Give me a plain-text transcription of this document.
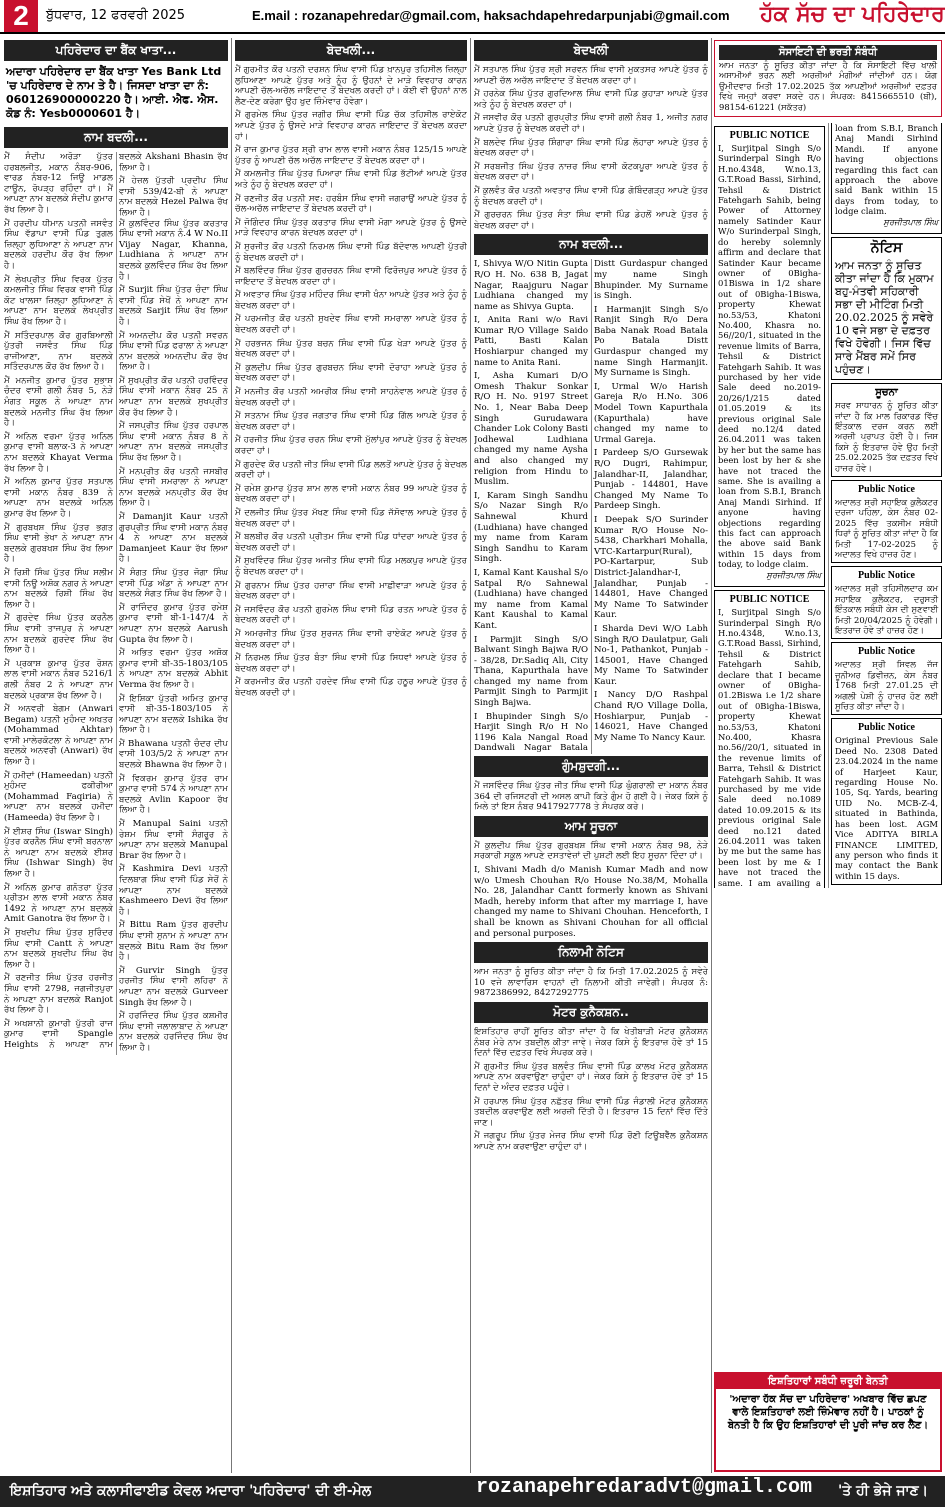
2	ਬੁੱਧਵਾਰ, 12 ਫਰਵਰੀ 2025	E.mail : rozanapehredar@gmail.com, haksachdapehredarpunjabi@gmail.com ਹੱਕ ਸੱਚ ਦਾ ਪਹਿਰੇਦਾਰ
ਪਹਿਰੇਦਾਰ ਦਾ ਬੈਂਕ ਖਾਤਾ...
ਅਦਾਰਾ ਪਹਿਰੇਦਾਰ ਦਾ ਬੈਂਕ ਖਾਤਾ Yes Bank Ltd 'ਚ ਪਹਿਰੇਦਾਰ ਦੇ ਨਾਮ ਤੇ ਹੈ। ਜਿਸਦਾ ਖਾਤਾ ਦਾ ਨੰ: 060126900000220 ਹੈ। ਆਈ. ਐਫ. ਐਸ. ਕੋਡ ਨੰ: Yesb0000601 ਹੈ।
ਨਾਮ ਬਦਲੀ...
ਮੈਂ ਸੰਦੀਪ ਅਰੋੜਾ ਪੁੱਤਰ ਹਰਬਲਜੀਤ, ਮਕਾਨ ਨੰਬਰ-906, ਵਾਰਡ ਨੰਬਰ-12 ਜਿਊ ਮਾਡਲ ਟਾਊਨ, ਰੋਪੜ੍ਹ ਰਹਿੰਦਾ ਹਾਂ। ਮੈਂ ਆਪਣਾ ਨਾਮ ਬਦਲਕੇ ਸੰਦੀਪ ਕੁਮਾਰ ਰੱਖ ਲਿਆ ਹੈ।
ਮੈਂ ਹਰਦੀਪ ਧੀਮਾਨ ਪਤਨੀ ਜਸਵੰਤ ਸਿੰਘ ਵੱਡਾਪਾ ਵਾਸੀ ਪਿੰਡ ਤੁਗਲ ਜ਼ਿਲ੍ਹਾ ਲੁਧਿਆਣਾ ਨੇ ਆਪਣਾ ਨਾਮ ਬਦਲਕੇ ਹਰਦੀਪ ਕੌਰ ਰੱਖ ਲਿਆ ਹੈ।
ਮੈਂ ਲੇਖਪ੍ਰੀਤ ਸਿੰਘ ਵਿਰਕ ਪੁੱਤਰ ਕਮਲਜੀਤ ਸਿੰਘ ਵਿਰਕ ਵਾਸੀ ਪਿੰਡ ਕੋਟ ਖਾਲਸਾ ਜ਼ਿਲ੍ਹਾ ਲੁਧਿਆਣਾ ਨੇ ਆਪਣਾ ਨਾਮ ਬਦਲਕੇ ਲੇਖਪ੍ਰੀਤ ਸਿੰਘ ਰੱਖ ਲਿਆ ਹੈ।
ਮੈਂ ਸਤਿੰਦਰਪਾਲ ਕੌਰ ਗੁਰਬਿਆਲੀ ਪੁੱਤਰੀ ਜਸਵੰਤ ਸਿੰਘ ਪਿੰਡ ਰਾਜੀਆਣਾ, ਨਾਮ ਬਦਲਕੇ ਸਤਿੰਦਰਪਾਲ ਕੌਰ ਰੱਖ ਲਿਆ ਹੈ।
ਮੈਂ ਮਨਜੀਤ ਕੁਮਾਰ ਪੁੱਤਰ ਸੁਭਾਸ਼ ਚੰਦਰ ਵਾਸੀ ਗਲੀ ਨੰਬਰ 5, ਨੇੜੇ ਮੰਗਤ ਸਕੂਲ ਨੇ ਆਪਣਾ ਨਾਮ ਬਦਲਕੇ ਮਨਜੀਤ ਸਿੰਘ ਰੱਖ ਲਿਆ ਹੈ।
ਮੈਂ ਅਨਿਲ ਵਰਮਾ ਪੁੱਤਰ ਅਨਿਲ ਕੁਮਾਰ ਵਾਸੀ ਬਲਾਕ-3 ਨੇ ਆਪਣਾ ਨਾਮ ਬਦਲਕੇ Khayat Verma ਰੱਖ ਲਿਆ ਹੈ।
ਮੈਂ ਅਨਿਲ ਕੁਮਾਰ ਪੁੱਤਰ ਸਤਪਾਲ ਵਾਸੀ ਮਕਾਨ ਨੰਬਰ 839 ਨੇ ਆਪਣਾ ਨਾਮ ਬਦਲਕੇ ਅਨਿਲ ਕੁਮਾਰ ਰੱਖ ਲਿਆ ਹੈ।
ਮੈਂ ਗੁਰਬਖਸ਼ ਸਿੰਘ ਪੁੱਤਰ ਭਗਤ ਸਿੰਘ ਵਾਸੀ ਭੇਖਾ ਨੇ ਆਪਣਾ ਨਾਮ ਬਦਲਕੇ ਗੁਰਬਖਸ਼ ਸਿੰਘ ਰੱਖ ਲਿਆ ਹੈ।
ਮੈਂ ਰਿਸ਼ੀ ਸਿੰਘ ਪੁੱਤਰ ਸਿੰਘ ਸਲੀਮ ਵਾਸੀ ਨਿਊ ਅਸ਼ੋਕ ਨਗਰ ਨੇ ਆਪਣਾ ਨਾਮ ਬਦਲਕੇ ਰਿਸ਼ੀ ਸਿੰਘ ਰੱਖ ਲਿਆ ਹੈ।
ਮੈਂ ਗੁਰਦੇਵ ਸਿੰਘ ਪੁੱਤਰ ਕਰਨੈਲ ਸਿੰਘ ਵਾਸੀ ਤਾਜਪੁਰ ਨੇ ਆਪਣਾ ਨਾਮ ਬਦਲਕੇ ਗੁਰਦੇਵ ਸਿੰਘ ਰੱਖ ਲਿਆ ਹੈ।
ਮੈਂ ਪ੍ਰਕਾਸ਼ ਕੁਮਾਰ ਪੁੱਤਰ ਰੋਸ਼ਨ ਲਾਲ ਵਾਸੀ ਮਕਾਨ ਨੰਬਰ 5216/1 ਗਲੀ ਨੰਬਰ 2 ਨੇ ਆਪਣਾ ਨਾਮ ਬਦਲਕੇ ਪ੍ਰਕਾਸ਼ ਰੱਖ ਲਿਆ ਹੈ।
ਮੈਂ ਅਨਵਰੀ ਬੇਗਮ (Anwari Begam) ਪਤਨੀ ਮੁਹੰਮਦ ਅਖਤਰ (Mohammad Akhtar) ਵਾਸੀ ਮਾਲੇਰਕੋਟਲਾ ਨੇ ਆਪਣਾ ਨਾਮ ਬਦਲਕੇ ਅਨਵਰੀ (Anwari) ਰੱਖ ਲਿਆ ਹੈ।
ਮੈਂ ਹਮੀਦਾਂ (Hameedan) ਪਤਨੀ ਮੁਹੰਮਦ ਫਕੀਰੀਆ (Mohammad Faqiria) ਨੇ ਆਪਣਾ ਨਾਮ ਬਦਲਕੇ ਹਮੀਦਾ (Hameeda) ਰੱਖ ਲਿਆ ਹੈ।
ਮੈਂ ਈਸ਼ਰ ਸਿੰਘ (Iswar Singh) ਪੁੱਤਰ ਕਰਨੈਲ ਸਿੰਘ ਵਾਸੀ ਬਰਨਾਲਾ ਨੇ ਆਪਣਾ ਨਾਮ ਬਦਲਕੇ ਈਸ਼ਰ ਸਿੰਘ (Ishwar Singh) ਰੱਖ ਲਿਆ ਹੈ।
ਮੈਂ ਅਨਿਲ ਕੁਮਾਰ ਗਨੋਤਰਾ ਪੁੱਤਰ ਪ੍ਰੀਤਮ ਲਾਲ ਵਾਸੀ ਮਕਾਨ ਨੰਬਰ 1492 ਨੇ ਆਪਣਾ ਨਾਮ ਬਦਲਕੇ Amit Ganotra ਰੱਖ ਲਿਆ ਹੈ।
ਮੈਂ ਸੁਖਦੀਪ ਸਿੰਘ ਪੁੱਤਰ ਸੁਰਿੰਦਰ ਸਿੰਘ ਵਾਸੀ Cantt ਨੇ ਆਪਣਾ ਨਾਮ ਬਦਲਕੇ ਸੁਖਦੀਪ ਸਿੰਘ ਰੱਖ ਲਿਆ ਹੈ।
ਮੈਂ ਰਣਜੀਤ ਸਿੰਘ ਪੁੱਤਰ ਹਰਜੀਤ ਸਿੰਘ ਵਾਸੀ 2798, ਜਗਜੀਤਪੁਰਾ ਨੇ ਆਪਣਾ ਨਾਮ ਬਦਲਕੇ Ranjot ਰੱਖ ਲਿਆ ਹੈ।
ਮੈਂ ਅਖਸ਼ਾਨੀ ਕੁਮਾਰੀ ਪੁੱਤਰੀ ਰਾਜ ਕੁਮਾਰ ਵਾਸੀ Spangle Heights ਨੇ ਆਪਣਾ ਨਾਮ ਬਦਲਕੇ Akshani Bhasin ਰੱਖ ਲਿਆ ਹੈ।
ਮੈਂ ਹੇਜ਼ਲ ਪੁੱਤਰੀ ਪ੍ਰਦੀਪ ਸਿੰਘ ਵਾਸੀ 539/42-ਬੀ ਨੇ ਆਪਣਾ ਨਾਮ ਬਦਲਕੇ Hezel Palwa ਰੱਖ ਲਿਆ ਹੈ।
ਮੈਂ ਕੁਲਵਿੰਦਰ ਸਿੰਘ ਪੁੱਤਰ ਕਰਤਾਰ ਸਿੰਘ ਵਾਸੀ ਮਕਾਨ ਨੰ.4 W No.II Vijay Nagar, Khanna, Ludhiana ਨੇ ਆਪਣਾ ਨਾਮ ਬਦਲਕੇ ਕੁਲਵਿੰਦਰ ਸਿੰਘ ਰੱਖ ਲਿਆ ਹੈ।
ਮੈਂ Surjit ਸਿੰਘ ਪੁੱਤਰ ਚੰਦਾ ਸਿੰਘ ਵਾਸੀ ਪਿੰਡ ਸੇਖੋਂ ਨੇ ਆਪਣਾ ਨਾਮ ਬਦਲਕੇ Sarjit ਸਿੰਘ ਰੱਖ ਲਿਆ ਹੈ।
ਮੈਂ ਅਮਨਦੀਪ ਕੌਰ ਪਤਨੀ ਸਵਰਨ ਸਿੰਘ ਵਾਸੀ ਪਿੰਡ ਫਰਾਲਾ ਨੇ ਆਪਣਾ ਨਾਮ ਬਦਲਕੇ ਅਮਨਦੀਪ ਕੌਰ ਰੱਖ ਲਿਆ ਹੈ।
ਮੈਂ ਸੁਖਪ੍ਰੀਤ ਕੌਰ ਪਤਨੀ ਹਰਵਿੰਦਰ ਸਿੰਘ ਵਾਸੀ ਮਕਾਨ ਨੰਬਰ 25 ਨੇ ਆਪਣਾ ਨਾਮ ਬਦਲਕੇ ਸੁਖਪ੍ਰੀਤ ਕੌਰ ਰੱਖ ਲਿਆ ਹੈ।
ਮੈਂ ਜਸਪ੍ਰੀਤ ਸਿੰਘ ਪੁੱਤਰ ਹਰਪਾਲ ਸਿੰਘ ਵਾਸੀ ਮਕਾਨ ਨੰਬਰ 8 ਨੇ ਆਪਣਾ ਨਾਮ ਬਦਲਕੇ ਜਸਪ੍ਰੀਤ ਸਿੰਘ ਰੱਖ ਲਿਆ ਹੈ।
ਮੈਂ ਮਨਪ੍ਰੀਤ ਕੌਰ ਪਤਨੀ ਜਸਬੀਰ ਸਿੰਘ ਵਾਸੀ ਸਮਰਾਲਾ ਨੇ ਆਪਣਾ ਨਾਮ ਬਦਲਕੇ ਮਨਪ੍ਰੀਤ ਕੌਰ ਰੱਖ ਲਿਆ ਹੈ।
ਮੈਂ Damanjit Kaur ਪਤਨੀ ਗੁਰਪ੍ਰੀਤ ਸਿੰਘ ਵਾਸੀ ਮਕਾਨ ਨੰਬਰ 4 ਨੇ ਆਪਣਾ ਨਾਮ ਬਦਲਕੇ Damanjeet Kaur ਰੱਖ ਲਿਆ ਹੈ।
ਮੈਂ ਸੰਗਤ ਸਿੰਘ ਪੁੱਤਰ ਜੋਗਾ ਸਿੰਘ ਵਾਸੀ ਪਿੰਡ ਅੱਡਾ ਨੇ ਆਪਣਾ ਨਾਮ ਬਦਲਕੇ ਸੰਗਤ ਸਿੰਘ ਰੱਖ ਲਿਆ ਹੈ।
ਮੈਂ ਰਾਜਿੰਦਰ ਕੁਮਾਰ ਪੁੱਤਰ ਰਮੇਸ਼ ਕੁਮਾਰ ਵਾਸੀ ਬੀ-1-147/4 ਨੇ ਆਪਣਾ ਨਾਮ ਬਦਲਕੇ Aarush Gupta ਰੱਖ ਲਿਆ ਹੈ।
ਮੈਂ ਅਭਿਤ ਵਰਮਾ ਪੁੱਤਰ ਅਸ਼ੋਕ ਕੁਮਾਰ ਵਾਸੀ ਬੀ-35-1803/105 ਨੇ ਆਪਣਾ ਨਾਮ ਬਦਲਕੇ Abhit Verma ਰੱਖ ਲਿਆ ਹੈ।
ਮੈਂ ਇਸ਼ਿਕਾ ਪੁੱਤਰੀ ਅਮਿਤ ਕੁਮਾਰ ਵਾਸੀ ਬੀ-35-1803/105 ਨੇ ਆਪਣਾ ਨਾਮ ਬਦਲਕੇ Ishika ਰੱਖ ਲਿਆ ਹੈ।
ਮੈਂ Bhawana ਪਤਨੀ ਚੰਦਰ ਦੀਪ ਵਾਸੀ 103/5/2 ਨੇ ਆਪਣਾ ਨਾਮ ਬਦਲਕੇ Bhawna ਰੱਖ ਲਿਆ ਹੈ।
ਮੈਂ ਵਿਕਰਮ ਕੁਮਾਰ ਪੁੱਤਰ ਰਾਮ ਕੁਮਾਰ ਵਾਸੀ 574 ਨੇ ਆਪਣਾ ਨਾਮ ਬਦਲਕੇ Avlin Kapoor ਰੱਖ ਲਿਆ ਹੈ।
ਮੈਂ Manupal Saini ਪਤਨੀ ਰੇਸ਼ਮ ਸਿੰਘ ਵਾਸੀ ਸੰਗਰੂਰ ਨੇ ਆਪਣਾ ਨਾਮ ਬਦਲਕੇ Manupal Brar ਰੱਖ ਲਿਆ ਹੈ।
ਮੈਂ Kashmira Devi ਪਤਨੀ ਦਿਲਬਾਗ ਸਿੰਘ ਵਾਸੀ ਪਿੰਡ ਸੇਰੋਂ ਨੇ ਆਪਣਾ ਨਾਮ ਬਦਲਕੇ Kashmeero Devi ਰੱਖ ਲਿਆ ਹੈ।
ਮੈਂ Bittu Ram ਪੁੱਤਰ ਗੁਰਦੀਪ ਸਿੰਘ ਵਾਸੀ ਸੁਨਾਮ ਨੇ ਆਪਣਾ ਨਾਮ ਬਦਲਕੇ Bitu Ram ਰੱਖ ਲਿਆ ਹੈ।
ਮੈਂ Gurvir Singh ਪੁੱਤਰ ਹਰਜੀਤ ਸਿੰਘ ਵਾਸੀ ਲਹਿਰਾ ਨੇ ਆਪਣਾ ਨਾਮ ਬਦਲਕੇ Gurveer Singh ਰੱਖ ਲਿਆ ਹੈ।
ਮੈਂ ਹਰਜਿੰਦਰ ਸਿੰਘ ਪੁੱਤਰ ਕਸ਼ਮੀਰ ਸਿੰਘ ਵਾਸੀ ਜਲਾਲਾਬਾਦ ਨੇ ਆਪਣਾ ਨਾਮ ਬਦਲਕੇ ਹਰਜਿੰਦਰ ਸਿੰਘ ਰੱਖ ਲਿਆ ਹੈ।
ਬੇਦਖਲੀ...
ਮੈਂ ਗੁਰਮੀਤ ਕੌਰ ਪਤਨੀ ਦਰਸ਼ਨ ਸਿੰਘ ਵਾਸੀ ਪਿੰਡ ਖ਼ਾਨਪੁਰ ਤਹਿਸੀਲ ਜ਼ਿਲ੍ਹਾ ਲੁਧਿਆਣਾ ਆਪਣੇ ਪੁੱਤਰ ਅਤੇ ਨੂੰਹ ਨੂੰ ਉਹਨਾਂ ਦੇ ਮਾੜੇ ਵਿਵਹਾਰ ਕਾਰਨ ਆਪਣੀ ਚੱਲ-ਅਚੱਲ ਜਾਇਦਾਦ ਤੋਂ ਬੇਦਖਲ ਕਰਦੀ ਹਾਂ। ਕੋਈ ਵੀ ਉਹਨਾਂ ਨਾਲ ਲੈਣ-ਦੇਣ ਕਰੇਗਾ ਉਹ ਖੁਦ ਜ਼ਿੰਮੇਵਾਰ ਹੋਵੇਗਾ।
ਮੈਂ ਗੁਰਮੇਲ ਸਿੰਘ ਪੁੱਤਰ ਜਗੀਰ ਸਿੰਘ ਵਾਸੀ ਪਿੰਡ ਚੱਕ ਤਹਿਸੀਲ ਰਾਏਕੋਟ ਆਪਣੇ ਪੁੱਤਰ ਨੂੰ ਉਸਦੇ ਮਾੜੇ ਵਿਵਹਾਰ ਕਾਰਨ ਜਾਇਦਾਦ ਤੋਂ ਬੇਦਖਲ ਕਰਦਾ ਹਾਂ।
ਮੈਂ ਰਾਜ ਕੁਮਾਰ ਪੁੱਤਰ ਸ਼੍ਰੀ ਰਾਮ ਲਾਲ ਵਾਸੀ ਮਕਾਨ ਨੰਬਰ 125/15 ਆਪਣੇ ਪੁੱਤਰ ਨੂੰ ਆਪਣੀ ਚੱਲ ਅਚੱਲ ਜਾਇਦਾਦ ਤੋਂ ਬੇਦਖਲ ਕਰਦਾ ਹਾਂ।
ਮੈਂ ਕਮਲਜੀਤ ਸਿੰਘ ਪੁੱਤਰ ਪਿਆਰਾ ਸਿੰਘ ਵਾਸੀ ਪਿੰਡ ਭੱਟੀਆਂ ਆਪਣੇ ਪੁੱਤਰ ਅਤੇ ਨੂੰਹ ਨੂੰ ਬੇਦਖਲ ਕਰਦਾ ਹਾਂ।
ਮੈਂ ਰਣਜੀਤ ਕੌਰ ਪਤਨੀ ਸਵ: ਹਰਬੰਸ ਸਿੰਘ ਵਾਸੀ ਜਗਰਾਉਂ ਆਪਣੇ ਪੁੱਤਰ ਨੂੰ ਚੱਲ-ਅਚੱਲ ਜਾਇਦਾਦ ਤੋਂ ਬੇਦਖਲ ਕਰਦੀ ਹਾਂ।
ਮੈਂ ਜੋਗਿੰਦਰ ਸਿੰਘ ਪੁੱਤਰ ਕਰਤਾਰ ਸਿੰਘ ਵਾਸੀ ਮੋਗਾ ਆਪਣੇ ਪੁੱਤਰ ਨੂੰ ਉਸਦੇ ਮਾੜੇ ਵਿਵਹਾਰ ਕਾਰਨ ਬੇਦਖਲ ਕਰਦਾ ਹਾਂ।
ਮੈਂ ਸੁਰਜੀਤ ਕੌਰ ਪਤਨੀ ਨਿਰਮਲ ਸਿੰਘ ਵਾਸੀ ਪਿੰਡ ਬੱਦੋਵਾਲ ਆਪਣੀ ਪੁੱਤਰੀ ਨੂੰ ਬੇਦਖਲ ਕਰਦੀ ਹਾਂ।
ਮੈਂ ਬਲਵਿੰਦਰ ਸਿੰਘ ਪੁੱਤਰ ਗੁਰਚਰਨ ਸਿੰਘ ਵਾਸੀ ਫਿਰੋਜ਼ਪੁਰ ਆਪਣੇ ਪੁੱਤਰ ਨੂੰ ਜਾਇਦਾਦ ਤੋਂ ਬੇਦਖਲ ਕਰਦਾ ਹਾਂ।
ਮੈਂ ਅਵਤਾਰ ਸਿੰਘ ਪੁੱਤਰ ਮਹਿੰਦਰ ਸਿੰਘ ਵਾਸੀ ਖੰਨਾ ਆਪਣੇ ਪੁੱਤਰ ਅਤੇ ਨੂੰਹ ਨੂੰ ਬੇਦਖਲ ਕਰਦਾ ਹਾਂ।
ਮੈਂ ਪਰਮਜੀਤ ਕੌਰ ਪਤਨੀ ਸੁਖਦੇਵ ਸਿੰਘ ਵਾਸੀ ਸਮਰਾਲਾ ਆਪਣੇ ਪੁੱਤਰ ਨੂੰ ਬੇਦਖਲ ਕਰਦੀ ਹਾਂ।
ਮੈਂ ਹਰਭਜਨ ਸਿੰਘ ਪੁੱਤਰ ਬਚਨ ਸਿੰਘ ਵਾਸੀ ਪਿੰਡ ਖੇੜਾ ਆਪਣੇ ਪੁੱਤਰ ਨੂੰ ਬੇਦਖਲ ਕਰਦਾ ਹਾਂ।
ਮੈਂ ਕੁਲਦੀਪ ਸਿੰਘ ਪੁੱਤਰ ਗੁਰਬਚਨ ਸਿੰਘ ਵਾਸੀ ਦੋਰਾਹਾ ਆਪਣੇ ਪੁੱਤਰ ਨੂੰ ਬੇਦਖਲ ਕਰਦਾ ਹਾਂ।
ਮੈਂ ਮਨਜੀਤ ਕੌਰ ਪਤਨੀ ਅਮਰੀਕ ਸਿੰਘ ਵਾਸੀ ਸਾਹਨੇਵਾਲ ਆਪਣੇ ਪੁੱਤਰ ਨੂੰ ਬੇਦਖਲ ਕਰਦੀ ਹਾਂ।
ਮੈਂ ਸਤਨਾਮ ਸਿੰਘ ਪੁੱਤਰ ਜਗਤਾਰ ਸਿੰਘ ਵਾਸੀ ਪਿੰਡ ਗਿੱਲ ਆਪਣੇ ਪੁੱਤਰ ਨੂੰ ਬੇਦਖਲ ਕਰਦਾ ਹਾਂ।
ਮੈਂ ਹਰਜੀਤ ਸਿੰਘ ਪੁੱਤਰ ਚਰਨ ਸਿੰਘ ਵਾਸੀ ਮੁੱਲਾਂਪੁਰ ਆਪਣੇ ਪੁੱਤਰ ਨੂੰ ਬੇਦਖਲ ਕਰਦਾ ਹਾਂ।
ਮੈਂ ਗੁਰਦੇਵ ਕੌਰ ਪਤਨੀ ਜੀਤ ਸਿੰਘ ਵਾਸੀ ਪਿੰਡ ਲਲਤੋਂ ਆਪਣੇ ਪੁੱਤਰ ਨੂੰ ਬੇਦਖਲ ਕਰਦੀ ਹਾਂ।
ਮੈਂ ਰਮੇਸ਼ ਕੁਮਾਰ ਪੁੱਤਰ ਸ਼ਾਮ ਲਾਲ ਵਾਸੀ ਮਕਾਨ ਨੰਬਰ 99 ਆਪਣੇ ਪੁੱਤਰ ਨੂੰ ਬੇਦਖਲ ਕਰਦਾ ਹਾਂ।
ਮੈਂ ਦਲਜੀਤ ਸਿੰਘ ਪੁੱਤਰ ਮੱਖਣ ਸਿੰਘ ਵਾਸੀ ਪਿੰਡ ਜੱਸੋਵਾਲ ਆਪਣੇ ਪੁੱਤਰ ਨੂੰ ਬੇਦਖਲ ਕਰਦਾ ਹਾਂ।
ਮੈਂ ਬਲਬੀਰ ਕੌਰ ਪਤਨੀ ਪ੍ਰੀਤਮ ਸਿੰਘ ਵਾਸੀ ਪਿੰਡ ਧਾਂਦਰਾ ਆਪਣੇ ਪੁੱਤਰ ਨੂੰ ਬੇਦਖਲ ਕਰਦੀ ਹਾਂ।
ਮੈਂ ਸੁਖਵਿੰਦਰ ਸਿੰਘ ਪੁੱਤਰ ਅਜੀਤ ਸਿੰਘ ਵਾਸੀ ਪਿੰਡ ਮਲਕਪੁਰ ਆਪਣੇ ਪੁੱਤਰ ਨੂੰ ਬੇਦਖਲ ਕਰਦਾ ਹਾਂ।
ਮੈਂ ਗੁਰਨਾਮ ਸਿੰਘ ਪੁੱਤਰ ਹਜ਼ਾਰਾ ਸਿੰਘ ਵਾਸੀ ਮਾਛੀਵਾੜਾ ਆਪਣੇ ਪੁੱਤਰ ਨੂੰ ਬੇਦਖਲ ਕਰਦਾ ਹਾਂ।
ਮੈਂ ਜਸਵਿੰਦਰ ਕੌਰ ਪਤਨੀ ਗੁਰਮੇਲ ਸਿੰਘ ਵਾਸੀ ਪਿੰਡ ਰਤਨ ਆਪਣੇ ਪੁੱਤਰ ਨੂੰ ਬੇਦਖਲ ਕਰਦੀ ਹਾਂ।
ਮੈਂ ਅਮਰਜੀਤ ਸਿੰਘ ਪੁੱਤਰ ਸੁਰਜਨ ਸਿੰਘ ਵਾਸੀ ਰਾਏਕੋਟ ਆਪਣੇ ਪੁੱਤਰ ਨੂੰ ਬੇਦਖਲ ਕਰਦਾ ਹਾਂ।
ਮੈਂ ਨਿਰਮਲ ਸਿੰਘ ਪੁੱਤਰ ਬੰਤਾ ਸਿੰਘ ਵਾਸੀ ਪਿੰਡ ਸਿਧਵਾਂ ਆਪਣੇ ਪੁੱਤਰ ਨੂੰ ਬੇਦਖਲ ਕਰਦਾ ਹਾਂ।
ਮੈਂ ਕਰਮਜੀਤ ਕੌਰ ਪਤਨੀ ਹਰਦੇਵ ਸਿੰਘ ਵਾਸੀ ਪਿੰਡ ਹਠੂਰ ਆਪਣੇ ਪੁੱਤਰ ਨੂੰ ਬੇਦਖਲ ਕਰਦੀ ਹਾਂ।
ਬੇਦਖਲੀ
ਮੈਂ ਸਤਪਾਲ ਸਿੰਘ ਪੁੱਤਰ ਸ਼੍ਰੀ ਸਰਵਨ ਸਿੰਘ ਵਾਸੀ ਮੁਕਤਸਰ ਆਪਣੇ ਪੁੱਤਰ ਨੂੰ ਆਪਣੀ ਚੱਲ ਅਚੱਲ ਜਾਇਦਾਦ ਤੋਂ ਬੇਦਖਲ ਕਰਦਾ ਹਾਂ।
ਮੈਂ ਹਰਨੇਕ ਸਿੰਘ ਪੁੱਤਰ ਗੁਰਦਿਆਲ ਸਿੰਘ ਵਾਸੀ ਪਿੰਡ ਕੁਹਾੜਾ ਆਪਣੇ ਪੁੱਤਰ ਅਤੇ ਨੂੰਹ ਨੂੰ ਬੇਦਖਲ ਕਰਦਾ ਹਾਂ।
ਮੈਂ ਜਸਵੀਰ ਕੌਰ ਪਤਨੀ ਗੁਰਪ੍ਰੀਤ ਸਿੰਘ ਵਾਸੀ ਗਲੀ ਨੰਬਰ 1, ਅਜੀਤ ਨਗਰ ਆਪਣੇ ਪੁੱਤਰ ਨੂੰ ਬੇਦਖਲ ਕਰਦੀ ਹਾਂ।
ਮੈਂ ਬਲਦੇਵ ਸਿੰਘ ਪੁੱਤਰ ਸ਼ਿੰਗਾਰਾ ਸਿੰਘ ਵਾਸੀ ਪਿੰਡ ਲੋਹਾਰਾ ਆਪਣੇ ਪੁੱਤਰ ਨੂੰ ਬੇਦਖਲ ਕਰਦਾ ਹਾਂ।
ਮੈਂ ਸਰਬਜੀਤ ਸਿੰਘ ਪੁੱਤਰ ਨਾਜ਼ਰ ਸਿੰਘ ਵਾਸੀ ਕੋਟਕਪੂਰਾ ਆਪਣੇ ਪੁੱਤਰ ਨੂੰ ਬੇਦਖਲ ਕਰਦਾ ਹਾਂ।
ਮੈਂ ਕੁਲਵੰਤ ਕੌਰ ਪਤਨੀ ਅਵਤਾਰ ਸਿੰਘ ਵਾਸੀ ਪਿੰਡ ਗੋਬਿੰਦਗੜ੍ਹ ਆਪਣੇ ਪੁੱਤਰ ਨੂੰ ਬੇਦਖਲ ਕਰਦੀ ਹਾਂ।
ਮੈਂ ਗੁਰਚਰਨ ਸਿੰਘ ਪੁੱਤਰ ਸੰਤਾ ਸਿੰਘ ਵਾਸੀ ਪਿੰਡ ਡੇਹਲੋਂ ਆਪਣੇ ਪੁੱਤਰ ਨੂੰ ਬੇਦਖਲ ਕਰਦਾ ਹਾਂ।
ਨਾਮ ਬਦਲੀ...
I, Shivya W/O Nitin Gupta R/O H. No. 638 B, Jagat Nagar, Raajguru Nagar Ludhiana changed my name as Shivya Gupta.
I, Anita Rani w/o Ravi Kumar R/O Village Saido Patti, Basti Kalan Hoshiarpur changed my name to Anita Rani.
I, Asha Kumari D/O Omesh Thakur Sonkar R/O H. No. 9197 Street No. 1, Near Baba Deep Singh Gurudawara Chander Lok Colony Basti Jodhewal Ludhiana changed my name Aysha and also changed my religion from Hindu to Muslim.
I, Karam Singh Sandhu S/o Nazar Singh R/o Sahnewal Khurd (Ludhiana) have changed my name from Karam Singh Sandhu to Karam Singh.
I, Kamal Kant Kaushal S/o Satpal R/o Sahnewal (Ludhiana) have changed my name from Kamal Kant Kaushal to Kamal Kant.
I Parmjit Singh S/O Balwant Singh Bajwa R/O - 38/28, Dr.Sadiq Ali, City Thana, Kapurthala have changed my name from Parmjit Singh to Parmjit Singh Bajwa.
I Bhupinder Singh S/o Harjit Singh R/o H No 1196 Kala Nangal Road Dandwali Nagar Batala Distt Gurdaspur changed my name Singh Bhupinder. My Surname is Singh.
I Harmanjit Singh S/o Ranjit Singh R/o Dera Baba Nanak Road Batala Po Batala Distt Gurdaspur changed my name Singh Harmanjit. My Surname is Singh.
I, Urmal W/o Harish Gareja R/o H.No. 306 Model Town Kapurthala (Kapurthala) have changed my name to Urmal Gareja.
I Pardeep S/O Gursewak R/O Dugri, Rahimpur, Jalandhar-II, Jalandhar, Punjab - 144801, Have Changed My Name To Pardeep Singh.
I Deepak S/O Surinder Kumar R/O House No-5438, Charkhari Mohalla, VTC-Kartarpur(Rural), PO-Kartarpur, Sub District-Jalandhar-I, Jalandhar, Punjab - 144801, Have Changed My Name To Satwinder Kaur.
I Sharda Devi W/O Labh Singh R/O Daulatpur, Gali No-1, Pathankot, Punjab - 145001, Have Changed My Name To Satwinder Kaur.
I Nancy D/O Rashpal Chand R/O Village Dolla, Hoshiarpur, Punjab - 146021, Have Changed My Name To Nancy Kaur.
ਗੁੰਮਸ਼ੁਦਗੀ...
ਮੈਂ ਜਸਵਿੰਦਰ ਸਿੰਘ ਪੁੱਤਰ ਜੀਤ ਸਿੰਘ ਵਾਸੀ ਪਿੰਡ ਘੁੰਗਰਾਲੀ ਦਾ ਮਕਾਨ ਨੰਬਰ 364 ਦੀ ਰਜਿਸਟਰੀ ਦੀ ਅਸਲ ਕਾਪੀ ਕਿਤੇ ਗੁੰਮ ਹੋ ਗਈ ਹੈ। ਜੇਕਰ ਕਿਸੇ ਨੂੰ ਮਿਲੇ ਤਾਂ ਇਸ ਨੰਬਰ 9417927778 ਤੇ ਸੰਪਰਕ ਕਰੇ।
ਆਮ ਸੂਚਨਾ
ਮੈਂ ਕੁਲਦੀਪ ਸਿੰਘ ਪੁੱਤਰ ਗੁਰਬਖਸ਼ ਸਿੰਘ ਵਾਸੀ ਮਕਾਨ ਨੰਬਰ 98, ਨੇੜੇ ਸਰਕਾਰੀ ਸਕੂਲ ਆਪਣੇ ਦਸਤਾਵੇਜ਼ਾਂ ਦੀ ਪੁਸ਼ਟੀ ਲਈ ਇਹ ਸੂਚਨਾ ਦਿੰਦਾ ਹਾਂ।
I, Shivani Madh d/o Manish Kumar Madh and now w/o Umesh Chouhan R/o House No.38/M, Mohalla No. 28, Jalandhar Cantt formerly known as Shivani Madh, hereby inform that after my marriage I, have changed my name to Shivani Chouhan. Henceforth, I shall be known as Shivani Chouhan for all official and personal purposes.
ਨਿਲਾਮੀ ਨੋਟਿਸ
ਆਮ ਜਨਤਾ ਨੂੰ ਸੂਚਿਤ ਕੀਤਾ ਜਾਂਦਾ ਹੈ ਕਿ ਮਿਤੀ 17.02.2025 ਨੂੰ ਸਵੇਰੇ 10 ਵਜੇ ਲਾਵਾਰਿਸ ਵਾਹਨਾਂ ਦੀ ਨਿਲਾਮੀ ਕੀਤੀ ਜਾਵੇਗੀ। ਸੰਪਰਕ ਨੰ: 9872386992, 8427292775
ਮੋਟਰ ਕੁਨੈਕਸ਼ਨ..
ਇਸ਼ਤਿਹਾਰ ਰਾਹੀਂ ਸੂਚਿਤ ਕੀਤਾ ਜਾਂਦਾ ਹੈ ਕਿ ਖੇਤੀਬਾੜੀ ਮੋਟਰ ਕੁਨੈਕਸ਼ਨ ਨੰਬਰ ਮੇਰੇ ਨਾਮ ਤਬਦੀਲ ਕੀਤਾ ਜਾਵੇ। ਜੇਕਰ ਕਿਸੇ ਨੂੰ ਇਤਰਾਜ਼ ਹੋਵੇ ਤਾਂ 15 ਦਿਨਾਂ ਵਿੱਚ ਦਫ਼ਤਰ ਵਿਖੇ ਸੰਪਰਕ ਕਰੇ।
ਮੈਂ ਗੁਰਮੀਤ ਸਿੰਘ ਪੁੱਤਰ ਬਲਵੰਤ ਸਿੰਘ ਵਾਸੀ ਪਿੰਡ ਕਾਲਖ ਮੋਟਰ ਕੁਨੈਕਸ਼ਨ ਆਪਣੇ ਨਾਮ ਕਰਵਾਉਣਾ ਚਾਹੁੰਦਾ ਹਾਂ। ਜੇਕਰ ਕਿਸੇ ਨੂੰ ਇਤਰਾਜ਼ ਹੋਵੇ ਤਾਂ 15 ਦਿਨਾਂ ਦੇ ਅੰਦਰ ਦਫ਼ਤਰ ਪਹੁੰਚੇ।
ਮੈਂ ਹਰਪਾਲ ਸਿੰਘ ਪੁੱਤਰ ਨਛੱਤਰ ਸਿੰਘ ਵਾਸੀ ਪਿੰਡ ਜੰਡਾਲੀ ਮੋਟਰ ਕੁਨੈਕਸ਼ਨ ਤਬਦੀਲ ਕਰਵਾਉਣ ਲਈ ਅਰਜ਼ੀ ਦਿੱਤੀ ਹੈ। ਇਤਰਾਜ਼ 15 ਦਿਨਾਂ ਵਿੱਚ ਦਿੱਤੇ ਜਾਣ।
ਮੈਂ ਜਗਰੂਪ ਸਿੰਘ ਪੁੱਤਰ ਮੇਜਰ ਸਿੰਘ ਵਾਸੀ ਪਿੰਡ ਰੌਣੀ ਟਿਊਬਵੈੱਲ ਕੁਨੈਕਸ਼ਨ ਆਪਣੇ ਨਾਮ ਕਰਵਾਉਣਾ ਚਾਹੁੰਦਾ ਹਾਂ।
ਸੋਸਾਇਟੀ ਦੀ ਭਰਤੀ ਸੰਬੰਧੀ
ਆਮ ਜਨਤਾ ਨੂੰ ਸੂਚਿਤ ਕੀਤਾ ਜਾਂਦਾ ਹੈ ਕਿ ਸੋਸਾਇਟੀ ਵਿੱਚ ਖਾਲੀ ਅਸਾਮੀਆਂ ਭਰਨ ਲਈ ਅਰਜ਼ੀਆਂ ਮੰਗੀਆਂ ਜਾਂਦੀਆਂ ਹਨ। ਯੋਗ ਉਮੀਦਵਾਰ ਮਿਤੀ 17.02.2025 ਤੱਕ ਆਪਣੀਆਂ ਅਰਜ਼ੀਆਂ ਦਫ਼ਤਰ ਵਿਖੇ ਜਮ੍ਹਾਂ ਕਰਵਾ ਸਕਦੇ ਹਨ। ਸੰਪਰਕ: 8415665510 (ਬੀ), 98154-61221 (ਸਕੱਤਰ)
PUBLIC NOTICE
I, Surjitpal Singh S/o Surinderpal Singh R/o H.no.4348, W.no.13, G.T.Road Bassi, Sirhind, Tehsil & District Fatehgarh Sahib, being Power of Attorney namely Satinder Kaur W/o Surinderpal Singh, do hereby solemnly affirm and declare that Satinder Kaur became owner of 0Bigha-01Biswa in 1/2 share out of 0Bigha-1Biswa, property Khewat no.53/53, Khatoni No.400, Khasra no. 56//20/1, situated in the revenue limits of Barra, Tehsil & District Fatehgarh Sahib. It was purchased by her vide Sale deed no.2019-20/26/1/215 dated 01.05.2019 & its previous original Sale deed no.12/4 dated 26.04.2011 was taken by her but the same has been lost by her & she have not traced the same. She is availing a loan from S.B.I, Branch Anaj Mandi Sirhind. If anyone having objections regarding this fact can approach the above said Bank within 15 days from today, to lodge claim.
ਸੁਰਜੀਤਪਾਲ ਸਿੰਘ
PUBLIC NOTICE
I, Surjitpal Singh S/o Surinderpal Singh R/o H.no.4348, W.no.13, G.T.Road Bassi, Sirhind, Tehsil & District Fatehgarh Sahib, declare that I became owner of 0Bigha-01.2Biswa i.e 1/2 share out of 0Bigha-1Biswa, property Khewat no.53/53, Khatoni No.400, Khasra no.56//20/1, situated in the revenue limits of Barra, Tehsil & District Fatehgarh Sahib. It was purchased by me vide Sale deed no.1089 dated 10.09.2015 & its previous original Sale deed no.121 dated 26.04.2011 was taken by me but the same has been lost by me & I have not traced the same. I am availing a loan from S.B.I, Branch Anaj Mandi Sirhind Mandi. If anyone having objections regarding this fact can approach the above said Bank within 15 days from today, to lodge claim.
ਸੁਰਜੀਤਪਾਲ ਸਿੰਘ
ਨੋਟਿਸ
ਆਮ ਜਨਤਾ ਨੂੰ ਸੂਚਿਤ ਕੀਤਾ ਜਾਂਦਾ ਹੈ ਕਿ ਮੁਕਾਮ ਬਹੁ-ਮੰਤਵੀ ਸਹਿਕਾਰੀ ਸਭਾ ਦੀ ਮੀਟਿੰਗ ਮਿਤੀ 20.02.2025 ਨੂੰ ਸਵੇਰੇ 10 ਵਜੇ ਸਭਾ ਦੇ ਦਫ਼ਤਰ ਵਿਖੇ ਹੋਵੇਗੀ। ਜਿਸ ਵਿੱਚ ਸਾਰੇ ਮੈਂਬਰ ਸਮੇਂ ਸਿਰ ਪਹੁੰਚਣ।
ਸੂਚਨਾ
ਸਰਵ ਸਾਧਾਰਨ ਨੂੰ ਸੂਚਿਤ ਕੀਤਾ ਜਾਂਦਾ ਹੈ ਕਿ ਮਾਲ ਰਿਕਾਰਡ ਵਿੱਚ ਇੰਤਕਾਲ ਦਰਜ ਕਰਨ ਲਈ ਅਰਜ਼ੀ ਪ੍ਰਾਪਤ ਹੋਈ ਹੈ। ਜਿਸ ਕਿਸੇ ਨੂੰ ਇਤਰਾਜ਼ ਹੋਵੇ ਉਹ ਮਿਤੀ 25.02.2025 ਤੱਕ ਦਫ਼ਤਰ ਵਿਖੇ ਹਾਜ਼ਰ ਹੋਵੇ।
Public Notice
ਅਦਾਲਤ ਸ਼੍ਰੀ ਸਹਾਇਕ ਕੁਲੈਕਟਰ ਦਰਜਾ ਪਹਿਲਾ, ਕੇਸ ਨੰਬਰ 02-2025 ਵਿੱਚ ਤਕਸੀਮ ਸਬੰਧੀ ਧਿਰਾਂ ਨੂੰ ਸੂਚਿਤ ਕੀਤਾ ਜਾਂਦਾ ਹੈ ਕਿ ਮਿਤੀ 17-02-2025 ਨੂੰ ਅਦਾਲਤ ਵਿਖੇ ਹਾਜ਼ਰ ਹੋਣ।
Public Notice
ਅਦਾਲਤ ਸ਼੍ਰੀ ਤਹਿਸੀਲਦਾਰ ਕਮ ਸਹਾਇਕ ਕੁਲੈਕਟਰ, ਦਰੁਸਤੀ ਇੰਤਕਾਲ ਸਬੰਧੀ ਕੇਸ ਦੀ ਸੁਣਵਾਈ ਮਿਤੀ 20/04/2025 ਨੂੰ ਹੋਵੇਗੀ। ਇਤਰਾਜ਼ ਹੋਵੇ ਤਾਂ ਹਾਜ਼ਰ ਹੋਣ।
Public Notice
ਅਦਾਲਤ ਸ਼੍ਰੀ ਸਿਵਲ ਜੱਜ ਜੂਨੀਅਰ ਡਿਵੀਜ਼ਨ, ਕੇਸ ਨੰਬਰ 1768 ਮਿਤੀ 27.01.25 ਦੀ ਅਗਲੀ ਪੇਸ਼ੀ ਨੂੰ ਹਾਜ਼ਰ ਹੋਣ ਲਈ ਸੂਚਿਤ ਕੀਤਾ ਜਾਂਦਾ ਹੈ।
Public Notice
Original Previous Sale Deed No. 2308 Dated 23.04.2024 in the name of Harjeet Kaur, regarding House No. 105, Sq. Yards, bearing UID No. MCB-Z-4, situated in Bathinda, has been lost. AGM Vice ADITYA BIRLA FINANCE LIMITED, any person who finds it may contact the Bank within 15 days.
ਇਸ਼ਤਿਹਾਰਾਂ ਸਬੰਧੀ ਜ਼ਰੂਰੀ ਬੇਨਤੀ
'ਅਦਾਰਾ ਹੱਕ ਸੱਚ ਦਾ ਪਹਿਰੇਦਾਰ' ਅਖਬਾਰ ਵਿੱਚ ਛਪਣ ਵਾਲੇ ਇਸ਼ਤਿਹਾਰਾਂ ਲਈ ਜ਼ਿੰਮੇਵਾਰ ਨਹੀਂ ਹੈ। ਪਾਠਕਾਂ ਨੂੰ ਬੇਨਤੀ ਹੈ ਕਿ ਉਹ ਇਸ਼ਤਿਹਾਰਾਂ ਦੀ ਪੂਰੀ ਜਾਂਚ ਕਰ ਲੈਣ।
ਇਸ਼ਤਿਹਾਰ ਅਤੇ ਕਲਾਸੀਫਾਈਡ ਕੇਵਲ ਅਦਾਰਾ 'ਪਹਿਰੇਦਾਰ' ਦੀ ਈ-ਮੇਲ	rozanapehredaradvt@gmail.com 'ਤੇ ਹੀ ਭੇਜੇ ਜਾਣ।
